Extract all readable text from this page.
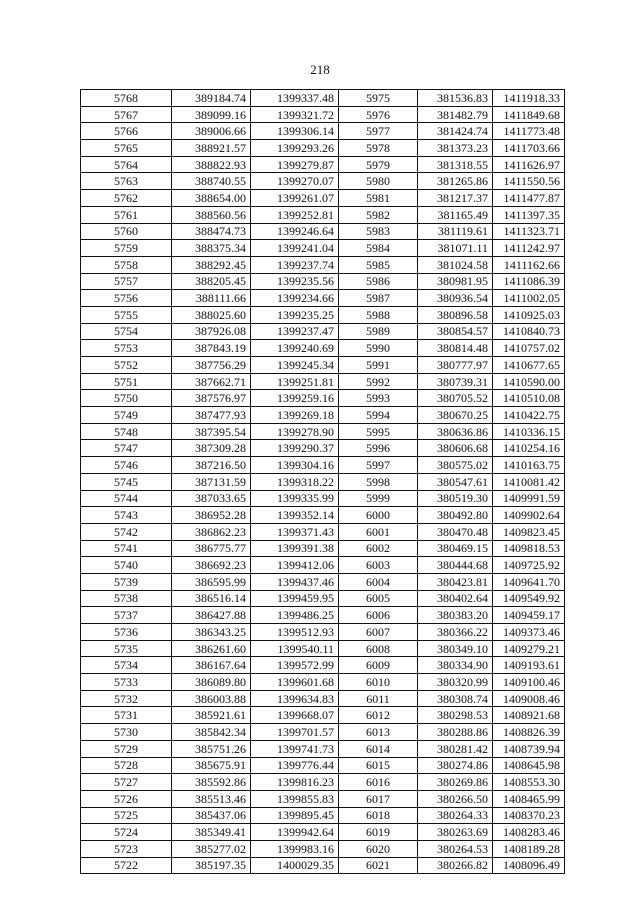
218
5768	389184.74	1399337.48	5975	381536.83	1411918.33
5767	389099.16	1399321.72	5976	381482.79	1411849.68
5766	389006.66	1399306.14	5977	381424.74	1411773.48
5765	388921.57	1399293.26	5978	381373.23	1411703.66
5764	388822.93	1399279.87	5979	381318.55	1411626.97
5763	388740.55	1399270.07	5980	381265.86	1411550.56
5762	388654.00	1399261.07	5981	381217.37	1411477.87
5761	388560.56	1399252.81	5982	381165.49	1411397.35
5760	388474.73	1399246.64	5983	381119.61	1411323.71
5759	388375.34	1399241.04	5984	381071.11	1411242.97
5758	388292.45	1399237.74	5985	381024.58	1411162.66
5757	388205.45	1399235.56	5986	380981.95	1411086.39
5756	388111.66	1399234.66	5987	380936.54	1411002.05
5755	388025.60	1399235.25	5988	380896.58	1410925.03
5754	387926.08	1399237.47	5989	380854.57	1410840.73
5753	387843.19	1399240.69	5990	380814.48	1410757.02
5752	387756.29	1399245.34	5991	380777.97	1410677.65
5751	387662.71	1399251.81	5992	380739.31	1410590.00
5750	387576.97	1399259.16	5993	380705.52	1410510.08
5749	387477.93	1399269.18	5994	380670.25	1410422.75
5748	387395.54	1399278.90	5995	380636.86	1410336.15
5747	387309.28	1399290.37	5996	380606.68	1410254.16
5746	387216.50	1399304.16	5997	380575.02	1410163.75
5745	387131.59	1399318.22	5998	380547.61	1410081.42
5744	387033.65	1399335.99	5999	380519.30	1409991.59
5743	386952.28	1399352.14	6000	380492.80	1409902.64
5742	386862.23	1399371.43	6001	380470.48	1409823.45
5741	386775.77	1399391.38	6002	380469.15	1409818.53
5740	386692.23	1399412.06	6003	380444.68	1409725.92
5739	386595.99	1399437.46	6004	380423.81	1409641.70
5738	386516.14	1399459.95	6005	380402.64	1409549.92
5737	386427.88	1399486.25	6006	380383.20	1409459.17
5736	386343.25	1399512.93	6007	380366.22	1409373.46
5735	386261.60	1399540.11	6008	380349.10	1409279.21
5734	386167.64	1399572.99	6009	380334.90	1409193.61
5733	386089.80	1399601.68	6010	380320.99	1409100.46
5732	386003.88	1399634.83	6011	380308.74	1409008.46
5731	385921.61	1399668.07	6012	380298.53	1408921.68
5730	385842.34	1399701.57	6013	380288.86	1408826.39
5729	385751.26	1399741.73	6014	380281.42	1408739.94
5728	385675.91	1399776.44	6015	380274.86	1408645.98
5727	385592.86	1399816.23	6016	380269.86	1408553.30
5726	385513.46	1399855.83	6017	380266.50	1408465.99
5725	385437.06	1399895.45	6018	380264.33	1408370.23
5724	385349.41	1399942.64	6019	380263.69	1408283.46
5723	385277.02	1399983.16	6020	380264.53	1408189.28
5722	385197.35	1400029.35	6021	380266.82	1408096.49
